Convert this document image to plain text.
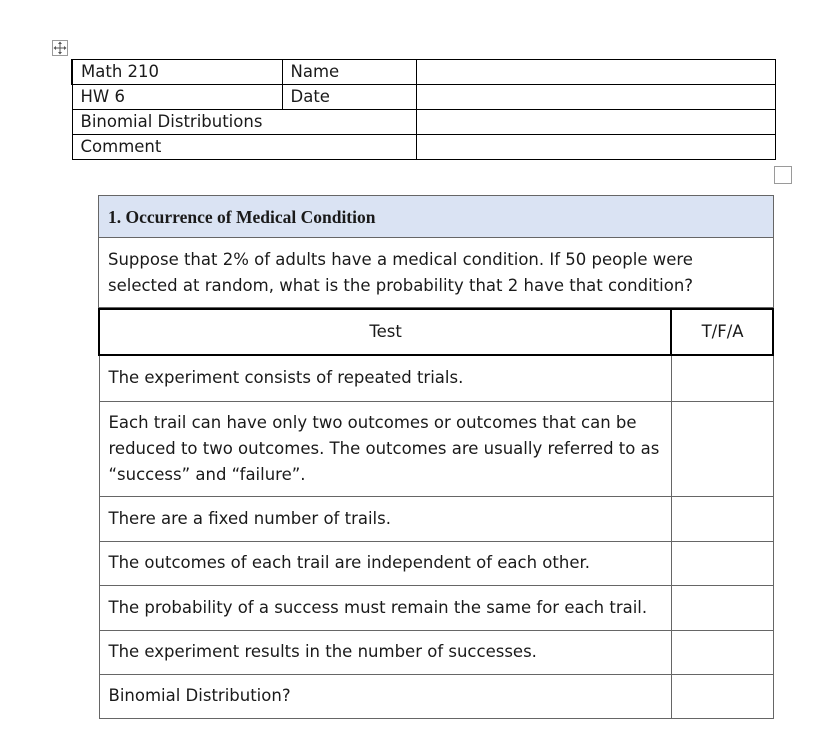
Math 210	Name	
HW 6	Date	
Binomial Distributions		
Comment		
1. Occurrence of Medical Condition
Suppose that 2% of adults have a medical condition. If 50 people were selected at random, what is the probability that 2 have that condition?
Test	T/F/A
The experiment consists of repeated trials.	
Each trail can have only two outcomes or outcomes that can be reduced to two outcomes. The outcomes are usually referred to as “success” and “failure”.	
There are a fixed number of trails.	
The outcomes of each trail are independent of each other.	
The probability of a success must remain the same for each trail.	
The experiment results in the number of successes.	
Binomial Distribution?	
